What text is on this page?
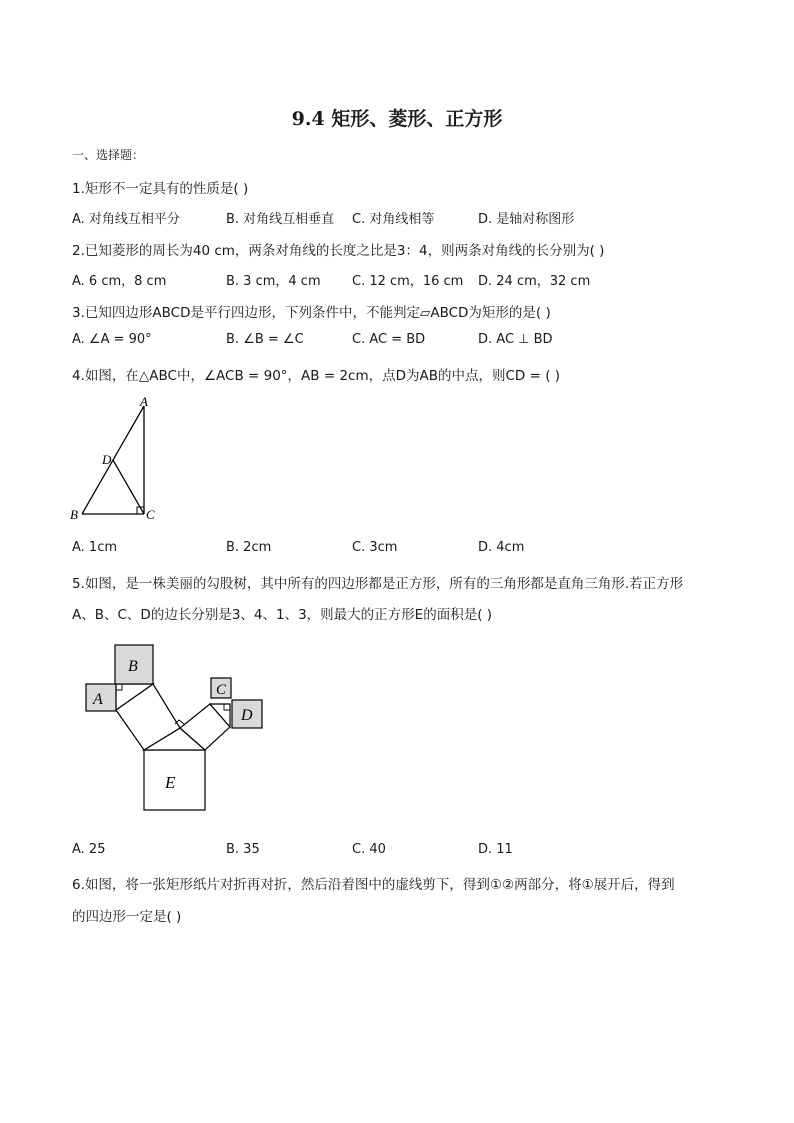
9.4 矩形、菱形、正方形
一、选择题：
1.矩形不一定具有的性质是( )
A. 对角线互相平分	B. 对角线互相垂直 C. 对角线相等	D. 是轴对称图形
2.已知菱形的周长为40 cm，两条对角线的长度之比是3：4，则两条对角线的长分别为( )
A. 6 cm，8 cm	B. 3 cm，4 cm C. 12 cm，16 cm D. 24 cm，32 cm
3.已知四边形ABCD是平行四边形，下列条件中，不能判定▱ABCD为矩形的是( )
A. ∠A = 90°	B. ∠B = ∠C	C. AC = BD	D. AC ⊥ BD
4.如图，在△ABC中，∠ACB = 90°，AB = 2cm，点D为AB的中点，则CD = ( )
A
B	C
D
A. 1cm	B. 2cm	C. 3cm	D. 4cm
5.如图，是一株美丽的勾股树，其中所有的四边形都是正方形，所有的三角形都是直角三角形.若正方形
A、B、C、D的边长分别是3、4、1、3，则最大的正方形E的面积是( )
A
B
C
D
E
A. 25	B. 35	C. 40	D. 11
6.如图，将一张矩形纸片对折再对折，然后沿着图中的虚线剪下，得到①②两部分，将①展开后，得到
的四边形一定是( )
